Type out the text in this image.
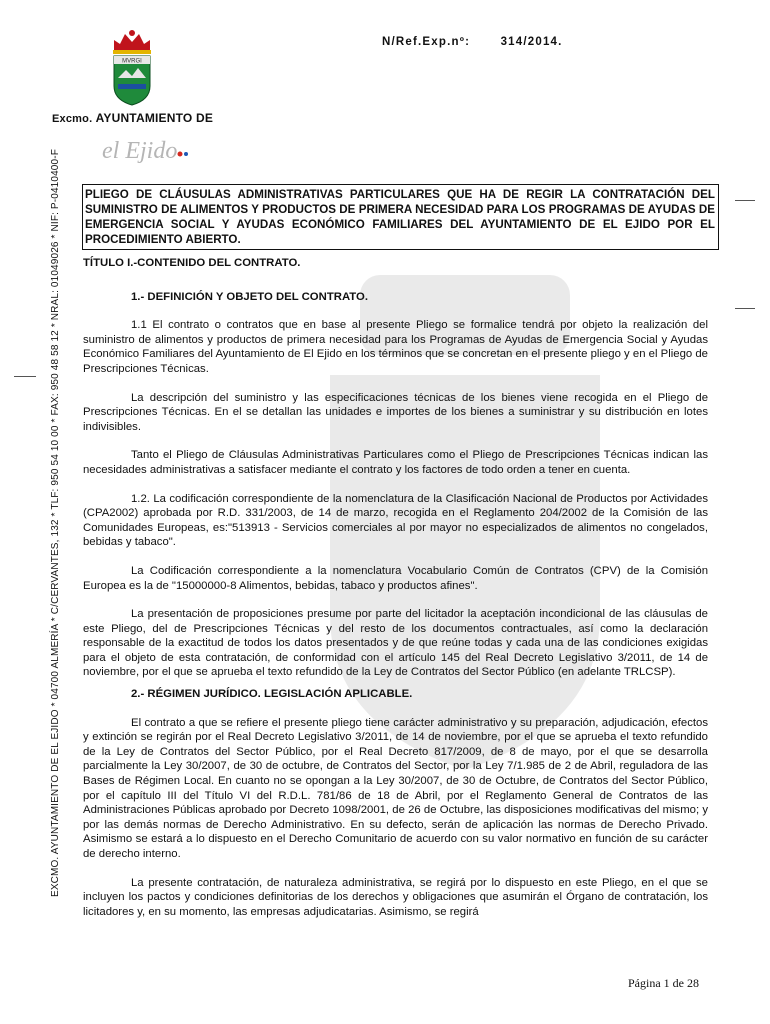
N/Ref.Exp.nº:	314/2014.
MVRGI
Excmo. AYUNTAMIENTO DE
el Ejido
EXCMO. AYUNTAMIENTO DE EL EJIDO * 04700 ALMERÍA * C/CERVANTES, 132 * TLF: 950 54 10 00 * FAX: 950 48 58 12 * NRAL: 01049026 * NIF: P-0410400-F PLIEGO DE CLÁUSULAS ADMINISTRATIVAS PARTICULARES QUE HA DE REGIR LA CONTRATACIÓN DEL SUMINISTRO DE ALIMENTOS Y PRODUCTOS DE PRIMERA NECESIDAD PARA LOS PROGRAMAS DE AYUDAS DE EMERGENCIA SOCIAL Y AYUDAS ECONÓMICO FAMILIARES DEL AYUNTAMIENTO DE EL EJIDO POR EL PROCEDIMIENTO ABIERTO.

TÍTULO I.-CONTENIDO DEL CONTRATO.

1.- DEFINICIÓN Y OBJETO DEL CONTRATO.

1.1 El contrato o contratos que en base al presente Pliego se formalice tendrá por objeto la realización del suministro de alimentos y productos de primera necesidad para los Programas de Ayudas de Emergencia Social y Ayudas Económico Familiares del Ayuntamiento de El Ejido en los términos que se concretan en el presente pliego y en el Pliego de Prescripciones Técnicas.

La descripción del suministro y las especificaciones técnicas de los bienes viene recogida en el Pliego de Prescripciones Técnicas. En el se detallan las unidades e importes de los bienes a suministrar y su distribución en lotes indivisibles.

Tanto el Pliego de Cláusulas Administrativas Particulares como el Pliego de Prescripciones Técnicas indican las necesidades administrativas a satisfacer mediante el contrato y los factores de todo orden a tener en cuenta.

1.2. La codificación correspondiente de la nomenclatura de la Clasificación Nacional de Productos por Actividades (CPA2002) aprobada por R.D. 331/2003, de 14 de marzo, recogida en el Reglamento 204/2002 de la Comisión de las Comunidades Europeas, es:"513913 - Servicios comerciales al por mayor no especializados de alimentos no congelados, bebidas y tabaco".

La Codificación correspondiente a la nomenclatura Vocabulario Común de Contratos (CPV) de la Comisión Europea es la de "15000000-8 Alimentos, bebidas, tabaco y productos afines".

La presentación de proposiciones presume por parte del licitador la aceptación incondicional de las cláusulas de este Pliego, del de Prescripciones Técnicas y del resto de los documentos contractuales, así como la declaración responsable de la exactitud de todos los datos presentados y de que reúne todas y cada una de las condiciones exigidas para el objeto de esta contratación, de conformidad con el artículo 145 del Real Decreto Legislativo 3/2011, de 14 de noviembre, por el que se aprueba el texto refundido de la Ley de Contratos del Sector Público (en adelante TRLCSP).

2.- RÉGIMEN JURÍDICO. LEGISLACIÓN APLICABLE.

El contrato a que se refiere el presente pliego tiene carácter administrativo y su preparación, adjudicación, efectos y extinción se regirán por el Real Decreto Legislativo 3/2011, de 14 de noviembre, por el que se aprueba el texto refundido de la Ley de Contratos del Sector Público, por el Real Decreto 817/2009, de 8 de mayo, por el que se desarrolla parcialmente la Ley 30/2007, de 30 de octubre, de Contratos del Sector, por la Ley 7/1.985 de 2 de Abril, reguladora de las Bases de Régimen Local. En cuanto no se opongan a la Ley 30/2007, de 30 de Octubre, de Contratos del Sector Público, por el capítulo III del Título VI del R.D.L. 781/86 de 18 de Abril, por el Reglamento General de Contratos de las Administraciones Públicas aprobado por Decreto 1098/2001, de 26 de Octubre, las disposiciones modificativas del mismo; y por las demás normas de Derecho Administrativo. En su defecto, serán de aplicación las normas de Derecho Privado. Asimismo se estará a lo dispuesto en el Derecho Comunitario de acuerdo con su valor normativo en función de su carácter de derecho interno.

La presente contratación, de naturaleza administrativa, se regirá por lo dispuesto en este Pliego, en el que se incluyen los pactos y condiciones definitorias de los derechos y obligaciones que asumirán el Órgano de contratación, los licitadores y, en su momento, las empresas adjudicatarias. Asimismo, se regirá

Página 1 de 28
